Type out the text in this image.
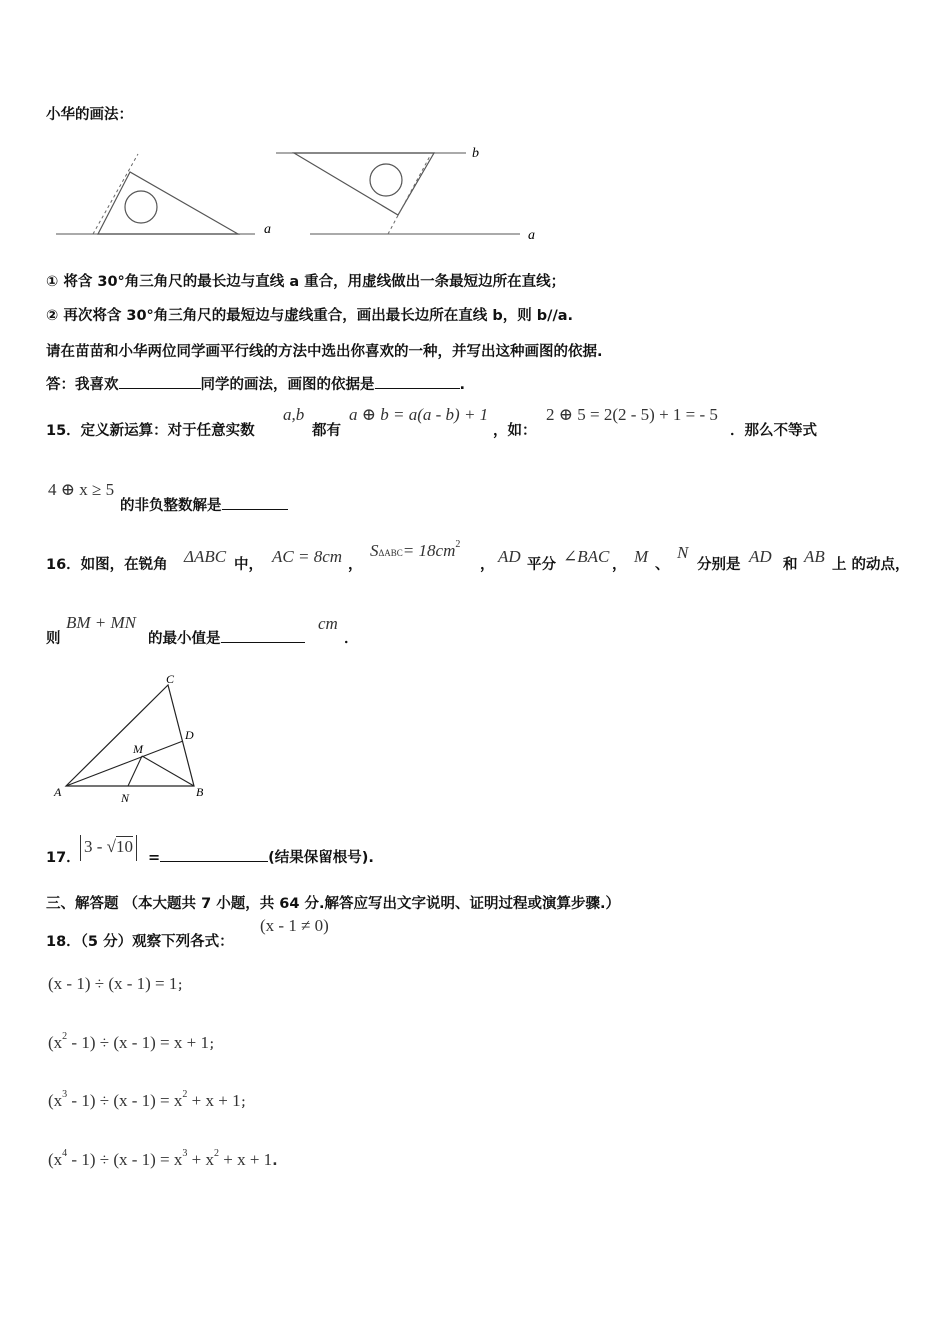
小华的画法：
a
b
a
① 将含 30°角三角尺的最长边与直线 a 重合，用虚线做出一条最短边所在直线；
② 再次将含 30°角三角尺的最短边与虚线重合，画出最长边所在直线 b，则 b//a.
请在苗苗和小华两位同学画平行线的方法中选出你喜欢的一种，并写出这种画图的依据.
答：我喜欢	同学的画法，画图的依据是	.
15．定义新运算：对于任意实数
a,b
都有
a ⊕ b = a(a - b) + 1
，如：
2 ⊕ 5 = 2(2 - 5) + 1 = - 5
．那么不等式
4 ⊕ x ≥ 5
的非负整数解是
16．如图，在锐角 ΔABC 中， AC = 8cm ，
$S\Delta ABC= 18cm^2$
， AD 平分 ∠BAC ， M 、
N
分别是 AD 和 AB 上 的动点，
则
BM + MN
的最小值是
cm
．
C
D
M
A	N	B
17．
3 - √10
=	(结果保留根号).
三、解答题 （本大题共 7 小题，共 64 分.解答应写出文字说明、证明过程或演算步骤.）
18．（5 分）观察下列各式：
(x - 1 ≠ 0)
(x - 1) ÷ (x - 1) = 1；
$(x^2 - 1) \div (x - 1) = x + 1$；
$(x^3 - 1) \div (x - 1) = x^2 + x + 1$；
$(x^4 - 1) \div (x - 1) = x^3 + x^2 + x + 1$.
